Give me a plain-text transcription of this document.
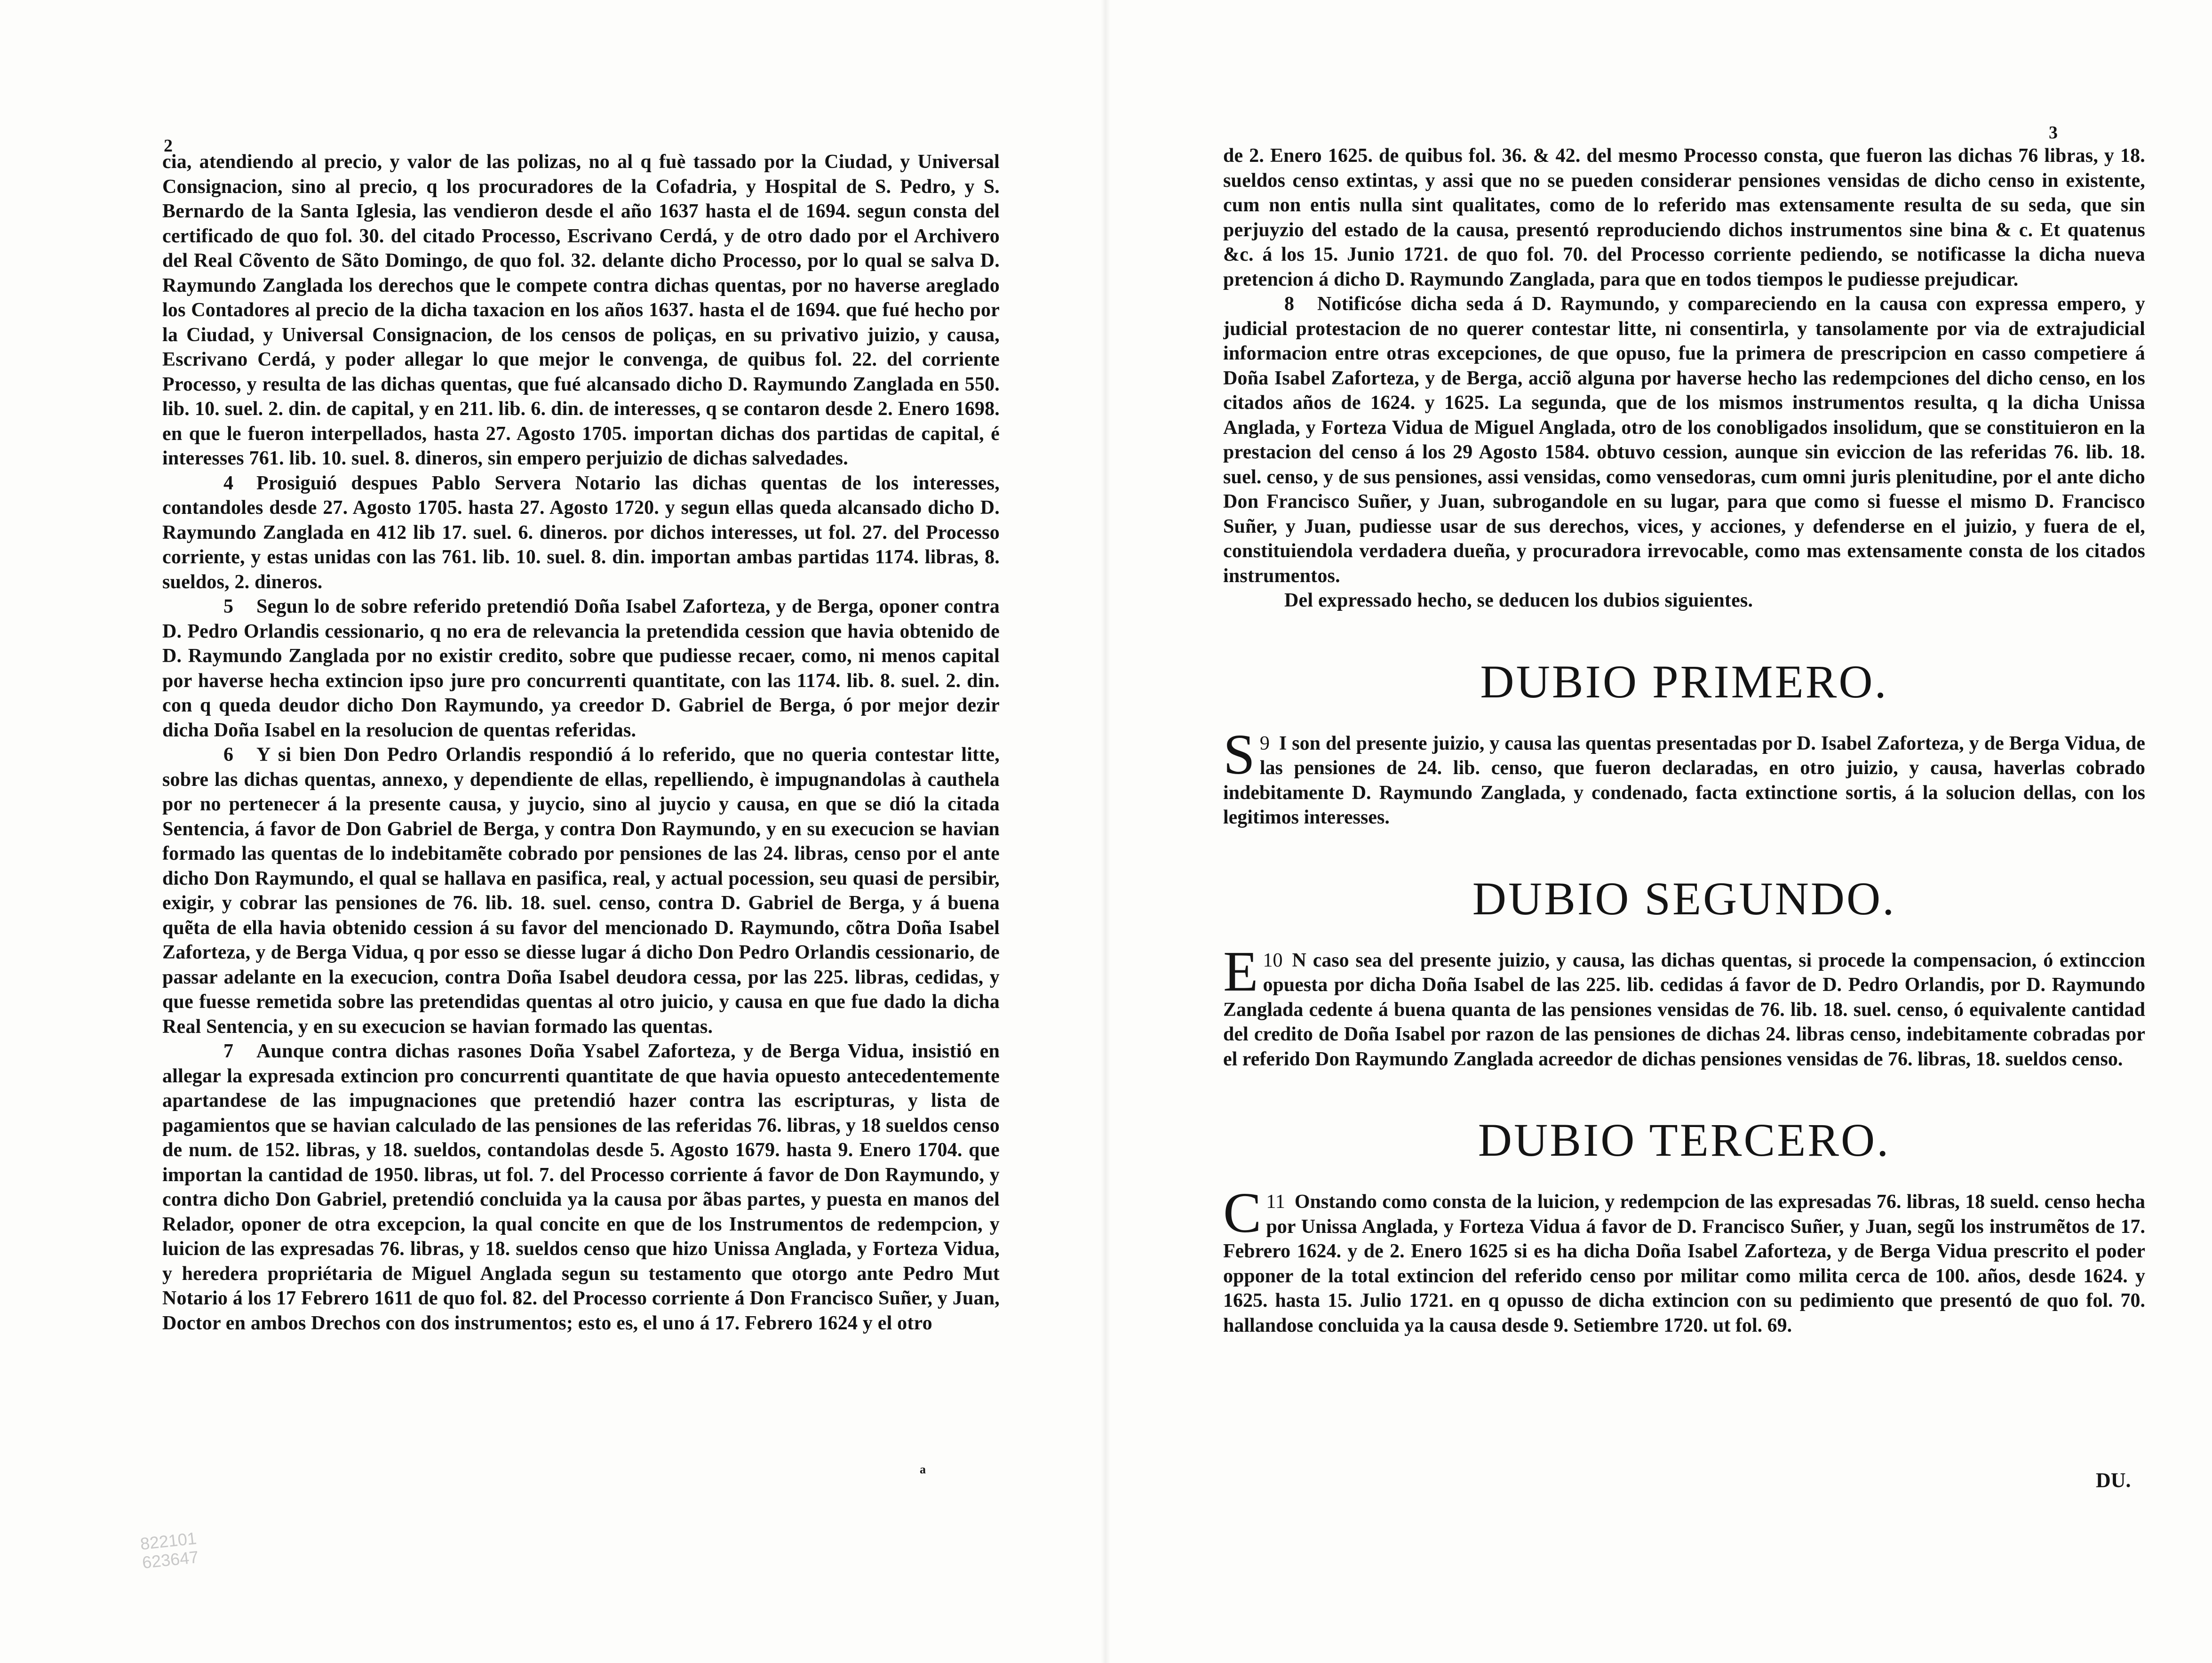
2

cia, atendiendo al precio, y valor de las polizas, no al q fuè tassado por la Ciudad, y Universal Consignacion, sino al precio, q los procuradores de la Cofadria, y Hospital de S. Pedro, y S. Bernardo de la Santa Iglesia, las vendieron desde el año 1637 hasta el de 1694. segun consta del certificado de quo fol. 30. del citado Processo, Escrivano Cerdá, y de otro dado por el Archivero del Real Cõvento de Sãto Domingo, de quo fol. 32. delante dicho Processo, por lo qual se salva D. Raymundo Zanglada los derechos que le compete contra dichas quentas, por no haverse areglado los Contadores al precio de la dicha taxacion en los años 1637. hasta el de 1694. que fué hecho por la Ciudad, y Universal Consignacion, de los censos de poliças, en su privativo juizio, y causa, Escrivano Cerdá, y poder allegar lo que mejor le convenga, de quibus fol. 22. del corriente Processo, y resulta de las dichas quentas, que fué alcansado dicho D. Raymundo Zanglada en 550. lib. 10. suel. 2. din. de capital, y en 211. lib. 6. din. de interesses, q se contaron desde 2. Enero 1698. en que le fueron interpellados, hasta 27. Agosto 1705. importan dichas dos partidas de capital, é interesses 761. lib. 10. suel. 8. dineros, sin empero perjuizio de dichas salvedades.

4 Prosiguió despues Pablo Servera Notario las dichas quentas de los interesses, contandoles desde 27. Agosto 1705. hasta 27. Agosto 1720. y segun ellas queda alcansado dicho D. Raymundo Zanglada en 412 lib 17. suel. 6. dineros. por dichos interesses, ut fol. 27. del Processo corriente, y estas unidas con las 761. lib. 10. suel. 8. din. importan ambas partidas 1174. libras, 8. sueldos, 2. dineros.

5 Segun lo de sobre referido pretendió Doña Isabel Zaforteza, y de Berga, oponer contra D. Pedro Orlandis cessionario, q no era de relevancia la pretendida cession que havia obtenido de D. Raymundo Zanglada por no existir credito, sobre que pudiesse recaer, como, ni menos capital por haverse hecha extincion ipso jure pro concurrenti quantitate, con las 1174. lib. 8. suel. 2. din. con q queda deudor dicho Don Raymundo, ya creedor D. Gabriel de Berga, ó por mejor dezir dicha Doña Isabel en la resolucion de quentas referidas.

6 Y si bien Don Pedro Orlandis respondió á lo referido, que no queria contestar litte, sobre las dichas quentas, annexo, y dependiente de ellas, repelliendo, è impugnandolas à cauthela por no pertenecer á la presente causa, y juycio, sino al juycio y causa, en que se dió la citada Sentencia, á favor de Don Gabriel de Berga, y contra Don Raymundo, y en su execucion se havian formado las quentas de lo indebitamẽte cobrado por pensiones de las 24. libras, censo por el ante dicho Don Raymundo, el qual se hallava en pasifica, real, y actual pocession, seu quasi de persibir, exigir, y cobrar las pensiones de 76. lib. 18. suel. censo, contra D. Gabriel de Berga, y á buena quẽta de ella havia obtenido cession á su favor del mencionado D. Raymundo, cõtra Doña Isabel Zaforteza, y de Berga Vidua, q por esso se diesse lugar á dicho Don Pedro Orlandis cessionario, de passar adelante en la execucion, contra Doña Isabel deudora cessa, por las 225. libras, cedidas, y que fuesse remetida sobre las pretendidas quentas al otro juicio, y causa en que fue dado la dicha Real Sentencia, y en su execucion se havian formado las quentas.

7 Aunque contra dichas rasones Doña Ysabel Zaforteza, y de Berga Vidua, insistió en allegar la expresada extincion pro concurrenti quantitate de que havia opuesto antecedentemente apartandese de las impugnaciones que pretendió hazer contra las escripturas, y lista de pagamientos que se havian calculado de las pensiones de las referidas 76. libras, y 18 sueldos censo de num. de 152. libras, y 18. sueldos, contandolas desde 5. Agosto 1679. hasta 9. Enero 1704. que importan la cantidad de 1950. libras, ut fol. 7. del Processo corriente á favor de Don Raymundo, y contra dicho Don Gabriel, pretendió concluida ya la causa por ãbas partes, y puesta en manos del Relador, oponer de otra excepcion, la qual concite en que de los Instrumentos de redempcion, y luicion de las expresadas 76. libras, y 18. sueldos censo que hizo Unissa Anglada, y Forteza Vidua, y heredera propriétaria de Miguel Anglada segun su testamento que otorgo ante Pedro Mut Notario á los 17 Febrero 1611 de quo fol. 82. del Processo corriente á Don Francisco Suñer, y Juan, Doctor en ambos Drechos con dos instrumentos; esto es, el uno á 17. Febrero 1624 y el otro

a
822101
623647
3

de 2. Enero 1625. de quibus fol. 36. & 42. del mesmo Processo consta, que fueron las dichas 76 libras, y 18. sueldos censo extintas, y assi que no se pueden considerar pensiones vensidas de dicho censo in existente, cum non entis nulla sint qualitates, como de lo referido mas extensamente resulta de su seda, que sin perjuyzio del estado de la causa, presentó reproduciendo dichos instrumentos sine bina & c. Et quatenus &c. á los 15. Junio 1721. de quo fol. 70. del Processo corriente pediendo, se notificasse la dicha nueva pretencion á dicho D. Raymundo Zanglada, para que en todos tiempos le pudiesse prejudicar.

8 Notificóse dicha seda á D. Raymundo, y compareciendo en la causa con expressa empero, y judicial protestacion de no querer contestar litte, ni consentirla, y tansolamente por via de extrajudicial informacion entre otras excepciones, de que opuso, fue la primera de prescripcion en casso competiere á Doña Isabel Zaforteza, y de Berga, acciõ alguna por haverse hecho las redempciones del dicho censo, en los citados años de 1624. y 1625. La segunda, que de los mismos instrumentos resulta, q la dicha Unissa Anglada, y Forteza Vidua de Miguel Anglada, otro de los conobligados insolidum, que se constituieron en la prestacion del censo á los 29 Agosto 1584. obtuvo cession, aunque sin eviccion de las referidas 76. lib. 18. suel. censo, y de sus pensiones, assi vensidas, como vensedoras, cum omni juris plenitudine, por el ante dicho Don Francisco Suñer, y Juan, subrogandole en su lugar, para que como si fuesse el mismo D. Francisco Suñer, y Juan, pudiesse usar de sus derechos, vices, y acciones, y defenderse en el juizio, y fuera de el, constituiendola verdadera dueña, y procuradora irrevocable, como mas extensamente consta de los citados instrumentos.

Del expressado hecho, se deducen los dubios siguientes.

DUBIO PRIMERO.

9
S I son del presente juizio, y causa las quentas presentadas por D. Isabel Zaforteza, y de Berga Vidua, de las pensiones de 24. lib. censo, que fueron declaradas, en otro juizio, y causa, haverlas cobrado indebitamente D. Raymundo Zanglada, y condenado, facta extinctione sortis, á la solucion dellas, con los legitimos interesses.

DUBIO SEGUNDO.

10
E N caso sea del presente juizio, y causa, las dichas quentas, si procede la compensacion, ó extinccion opuesta por dicha Doña Isabel de las 225. lib. cedidas á favor de D. Pedro Orlandis, por D. Raymundo Zanglada cedente á buena quanta de las pensiones vensidas de 76. lib. 18. suel. censo, ó equivalente cantidad del credito de Doña Isabel por razon de las pensiones de dichas 24. libras censo, indebitamente cobradas por el referido Don Raymundo Zanglada acreedor de dichas pensiones vensidas de 76. libras, 18. sueldos censo.

DUBIO TERCERO.

11
C Onstando como consta de la luicion, y redempcion de las expresadas 76. libras, 18 sueld. censo hecha por Unissa Anglada, y Forteza Vidua á favor de D. Francisco Suñer, y Juan, segũ los instrumẽtos de 17. Febrero 1624. y de 2. Enero 1625 si es ha dicha Doña Isabel Zaforteza, y de Berga Vidua prescrito el poder opponer de la total extincion del referido censo por militar como milita cerca de 100. años, desde 1624. y 1625. hasta 15. Julio 1721. en q opusso de dicha extincion con su pedimiento que presentó de quo fol. 70. hallandose concluida ya la causa desde 9. Setiembre 1720. ut fol. 69.

DU.
